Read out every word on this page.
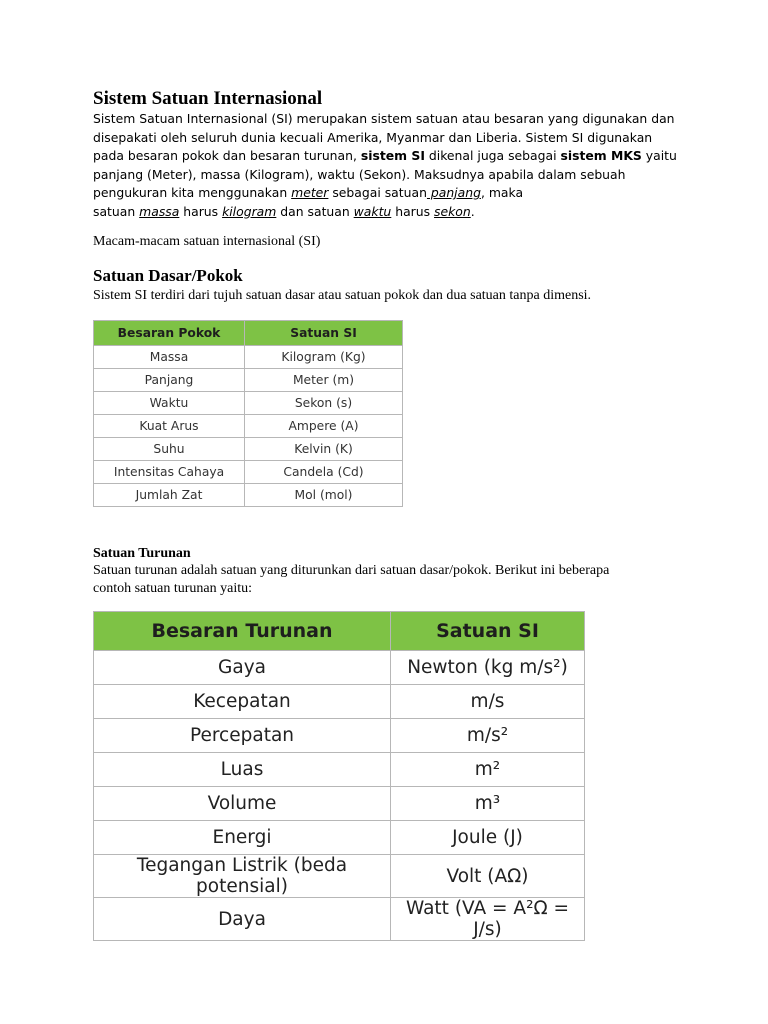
Sistem Satuan Internasional
Sistem Satuan Internasional (SI) merupakan sistem satuan atau besaran yang digunakan dan
disepakati oleh seluruh dunia kecuali Amerika, Myanmar dan Liberia. Sistem SI digunakan
pada besaran pokok dan besaran turunan, sistem SI dikenal juga sebagai sistem MKS yaitu
panjang (Meter), massa (Kilogram), waktu (Sekon). Maksudnya apabila dalam sebuah
pengukuran kita menggunakan meter sebagai satuan panjang, maka
satuan massa harus kilogram dan satuan waktu harus sekon.
Macam-macam satuan internasional (SI)
Satuan Dasar/Pokok
Sistem SI terdiri dari tujuh satuan dasar atau satuan pokok dan dua satuan tanpa dimensi.
Besaran Pokok	Satuan SI
Massa	Kilogram (Kg)
Panjang	Meter (m)
Waktu	Sekon (s)
Kuat Arus	Ampere (A)
Suhu	Kelvin (K)
Intensitas Cahaya	Candela (Cd)
Jumlah Zat	Mol (mol)
Satuan Turunan
Satuan turunan adalah satuan yang diturunkan dari satuan dasar/pokok. Berikut ini beberapa
contoh satuan turunan yaitu:
Besaran Turunan	Satuan SI
Gaya	Newton (kg m/s²)
Kecepatan	m/s
Percepatan	m/s²
Luas	m²
Volume	m³
Energi	Joule (J)
Tegangan Listrik (beda potensial)	Volt (AΩ)
Daya	Watt (VA = A²Ω = J/s)
